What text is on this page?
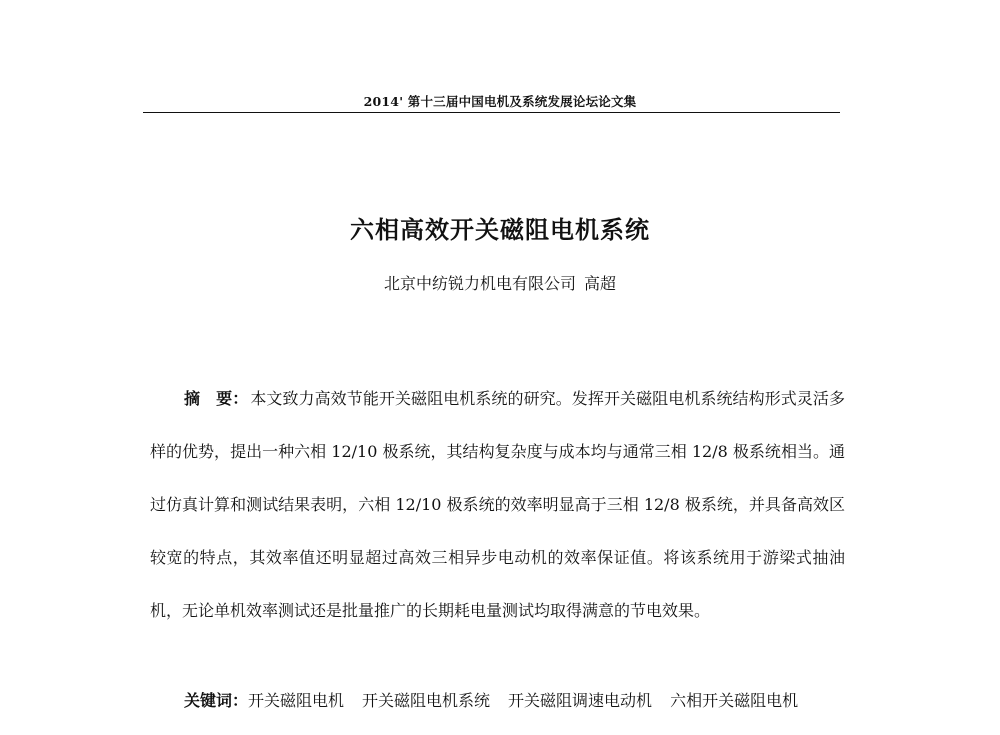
2014' 第十三届中国电机及系统发展论坛论文集
六相高效开关磁阻电机系统
北京中纺锐力机电有限公司 高超
摘　要： 本文致力高效节能开关磁阻电机系统的研究。发挥开关磁阻电机系统结构形式灵活多样的优势，提出一种六相 12/10 极系统，其结构复杂度与成本均与通常三相 12/8 极系统相当。通过仿真计算和测试结果表明，六相 12/10 极系统的效率明显高于三相 12/8 极系统，并具备高效区较宽的特点，其效率值还明显超过高效三相异步电动机的效率保证值。将该系统用于游梁式抽油机，无论单机效率测试还是批量推广的长期耗电量测试均取得满意的节电效果。
关键词：开关磁阻电机 开关磁阻电机系统 开关磁阻调速电动机 六相开关磁阻电机
